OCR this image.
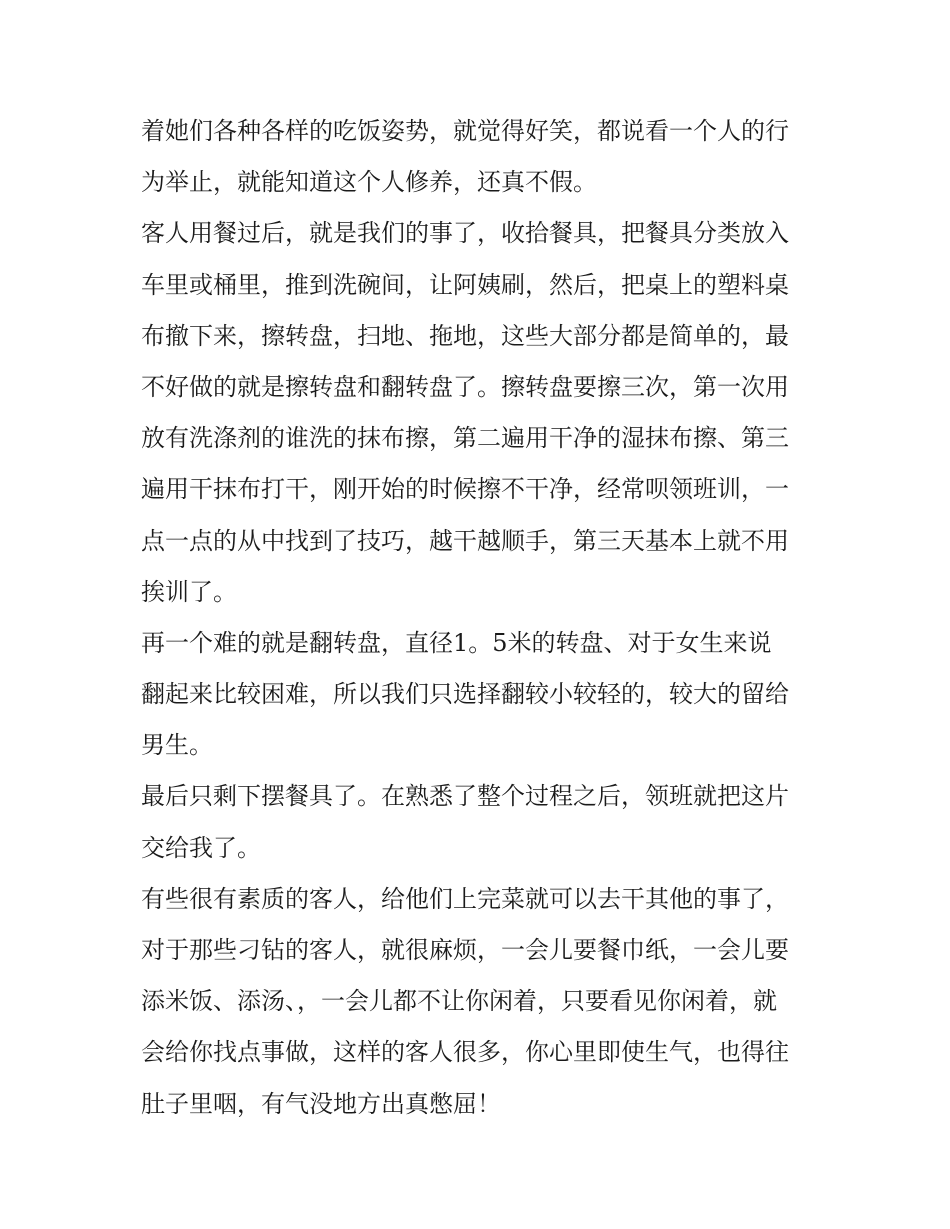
着她们各种各样的吃饭姿势，就觉得好笑，都说看一个人的行
为举止，就能知道这个人修养，还真不假。
客人用餐过后，就是我们的事了，收拾餐具，把餐具分类放入
车里或桶里，推到洗碗间，让阿姨刷，然后，把桌上的塑料桌
布撤下来，擦转盘，扫地、拖地，这些大部分都是简单的，最
不好做的就是擦转盘和翻转盘了。擦转盘要擦三次，第一次用
放有洗涤剂的谁洗的抹布擦，第二遍用干净的湿抹布擦、第三
遍用干抹布打干，刚开始的时候擦不干净，经常呗领班训，一
点一点的从中找到了技巧，越干越顺手，第三天基本上就不用
挨训了。
再一个难的就是翻转盘，直径1。5米的转盘、对于女生来说
翻起来比较困难，所以我们只选择翻较小较轻的，较大的留给
男生。
最后只剩下摆餐具了。在熟悉了整个过程之后，领班就把这片
交给我了。
有些很有素质的客人，给他们上完菜就可以去干其他的事了，
对于那些刁钻的客人，就很麻烦，一会儿要餐巾纸，一会儿要
添米饭、添汤、，一会儿都不让你闲着，只要看见你闲着，就
会给你找点事做，这样的客人很多，你心里即使生气，也得往
肚子里咽，有气没地方出真憋屈！
